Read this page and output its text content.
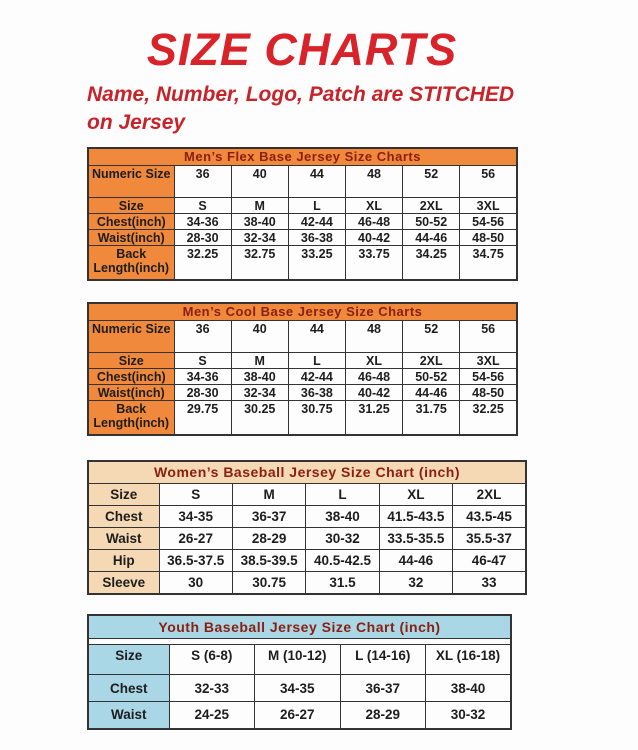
SIZE CHARTS
Name, Number, Logo, Patch are STITCHED
on Jersey
Men’s Flex Base Jersey Size Charts						
Numeric Size	36	40	44	48	52	56
Size	S	M	L	XL	2XL	3XL
Chest(inch)	34-36	38-40	42-44	46-48	50-52	54-56
Waist(inch)	28-30	32-34	36-38	40-42	44-46	48-50
Back Length(inch)	32.25	32.75	33.25	33.75	34.25	34.75
Men’s Cool Base Jersey Size Charts						
Numeric Size	36	40	44	48	52	56
Size	S	M	L	XL	2XL	3XL
Chest(inch)	34-36	38-40	42-44	46-48	50-52	54-56
Waist(inch)	28-30	32-34	36-38	40-42	44-46	48-50
Back Length(inch)	29.75	30.25	30.75	31.25	31.75	32.25
Women’s Baseball Jersey Size Chart (inch)					
Size	S	M	L	XL	2XL
Chest	34-35	36-37	38-40	41.5-43.5	43.5-45
Waist	26-27	28-29	30-32	33.5-35.5	35.5-37
Hip	36.5-37.5	38.5-39.5	40.5-42.5	44-46	46-47
Sleeve	30	30.75	31.5	32	33
Youth Baseball Jersey Size Chart (inch)				

Size	S (6-8)	M (10-12)	L (14-16)	XL (16-18)
Chest	32-33	34-35	36-37	38-40
Waist	24-25	26-27	28-29	30-32
